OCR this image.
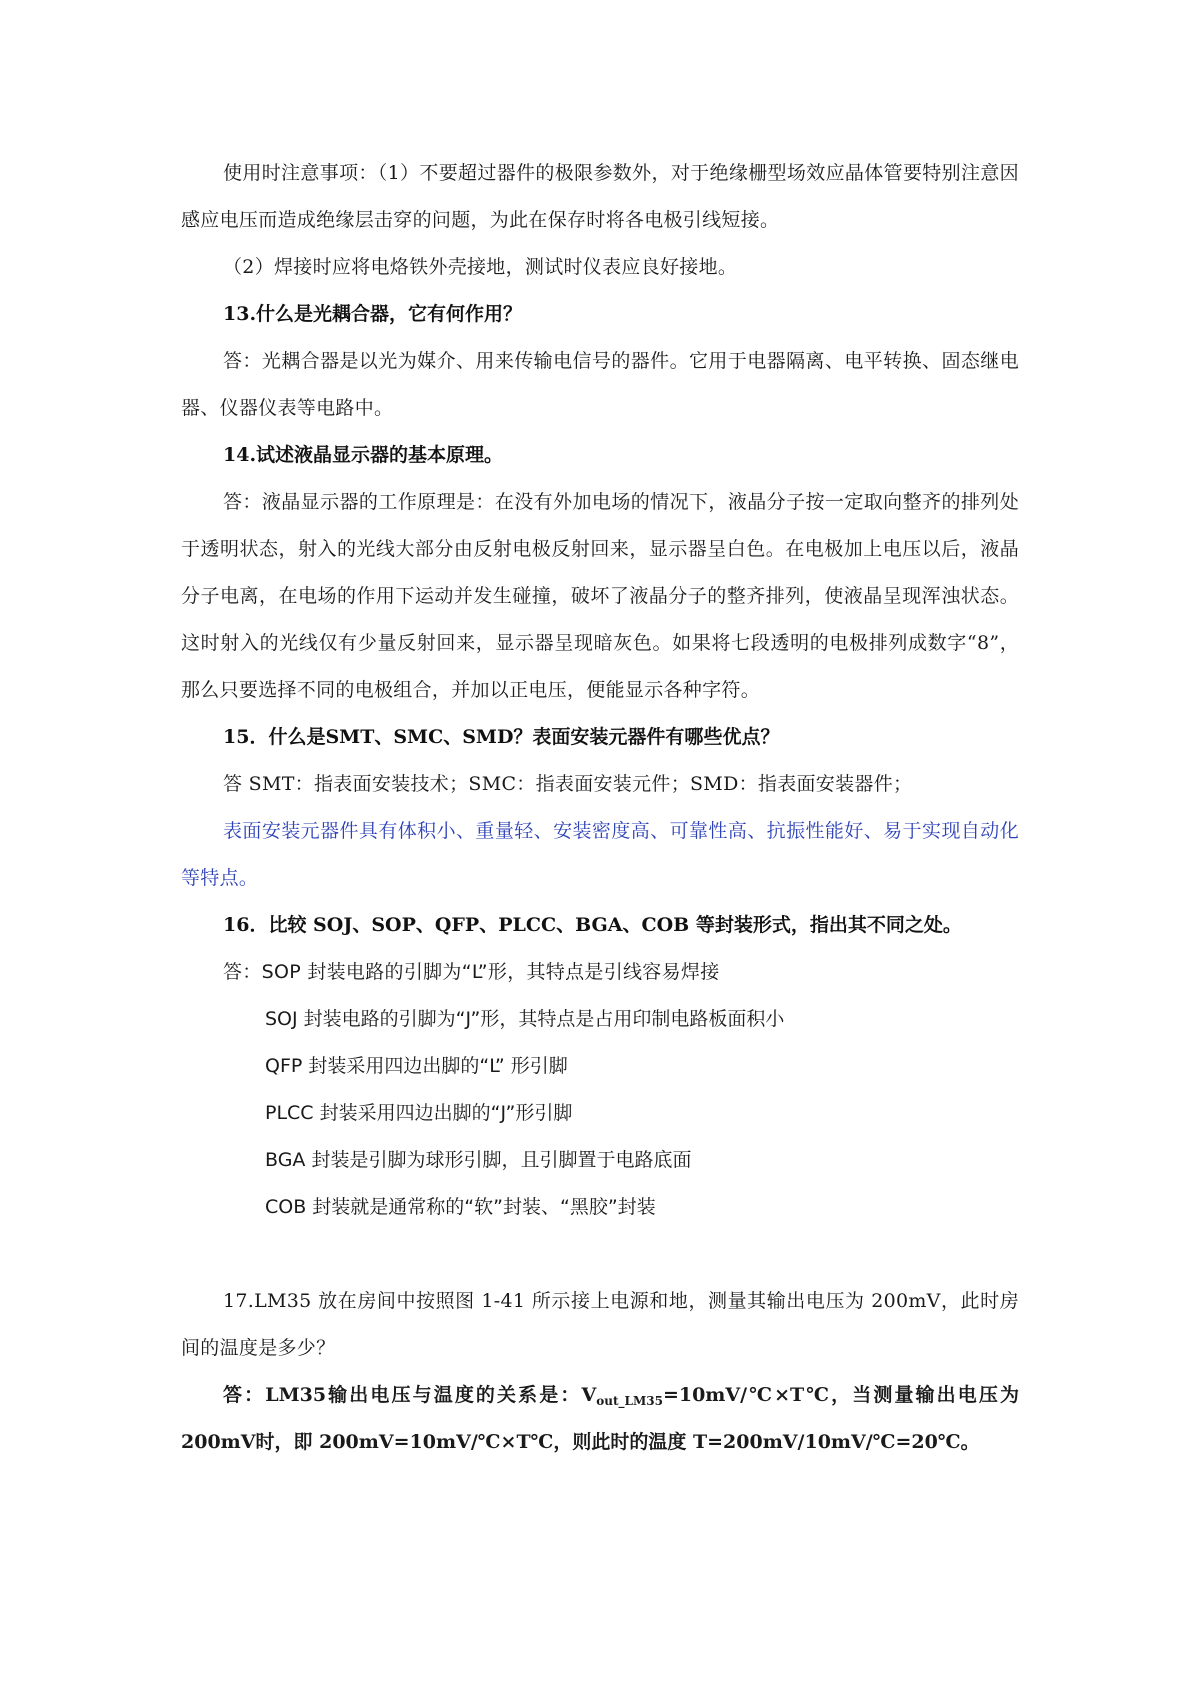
使用时注意事项：（1）不要超过器件的极限参数外，对于绝缘栅型场效应晶体管要特别注意因感应电压而造成绝缘层击穿的问题，为此在保存时将各电极引线短接。

（2）焊接时应将电烙铁外壳接地，测试时仪表应良好接地。

13.什么是光耦合器，它有何作用？

答：光耦合器是以光为媒介、用来传输电信号的器件。它用于电器隔离、电平转换、固态继电器、仪器仪表等电路中。

14.试述液晶显示器的基本原理。

答：液晶显示器的工作原理是：在没有外加电场的情况下，液晶分子按一定取向整齐的排列处于透明状态，射入的光线大部分由反射电极反射回来，显示器呈白色。在电极加上电压以后，液晶分子电离，在电场的作用下运动并发生碰撞，破坏了液晶分子的整齐排列，使液晶呈现浑浊状态。这时射入的光线仅有少量反射回来，显示器呈现暗灰色。如果将七段透明的电极排列成数字“8”，那么只要选择不同的电极组合，并加以正电压，便能显示各种字符。

15．什么是SMT、SMC、SMD？表面安装元器件有哪些优点？

答 SMT：指表面安装技术；SMC：指表面安装元件；SMD：指表面安装器件；

表面安装元器件具有体积小、重量轻、安装密度高、可靠性高、抗振性能好、易于实现自动化等特点。

16．比较 SOJ、SOP、QFP、PLCC、BGA、COB 等封装形式，指出其不同之处。

答：SOP 封装电路的引脚为“L”形，其特点是引线容易焊接

SOJ 封装电路的引脚为“J”形，其特点是占用印制电路板面积小

QFP 封装采用四边出脚的“L” 形引脚

PLCC 封装采用四边出脚的“J”形引脚

BGA 封装是引脚为球形引脚，且引脚置于电路底面

COB 封装就是通常称的“软”封装、“黑胶”封装

17.LM35 放在房间中按照图 1-41 所示接上电源和地，测量其输出电压为 200mV，此时房间的温度是多少？

答：LM35输出电压与温度的关系是：$V_{out\_LM35}=10mV/℃\times T℃$，当测量输出电压为200mV时，即 200mV=10mV/℃×T℃，则此时的温度 T=200mV/10mV/℃=20℃。
